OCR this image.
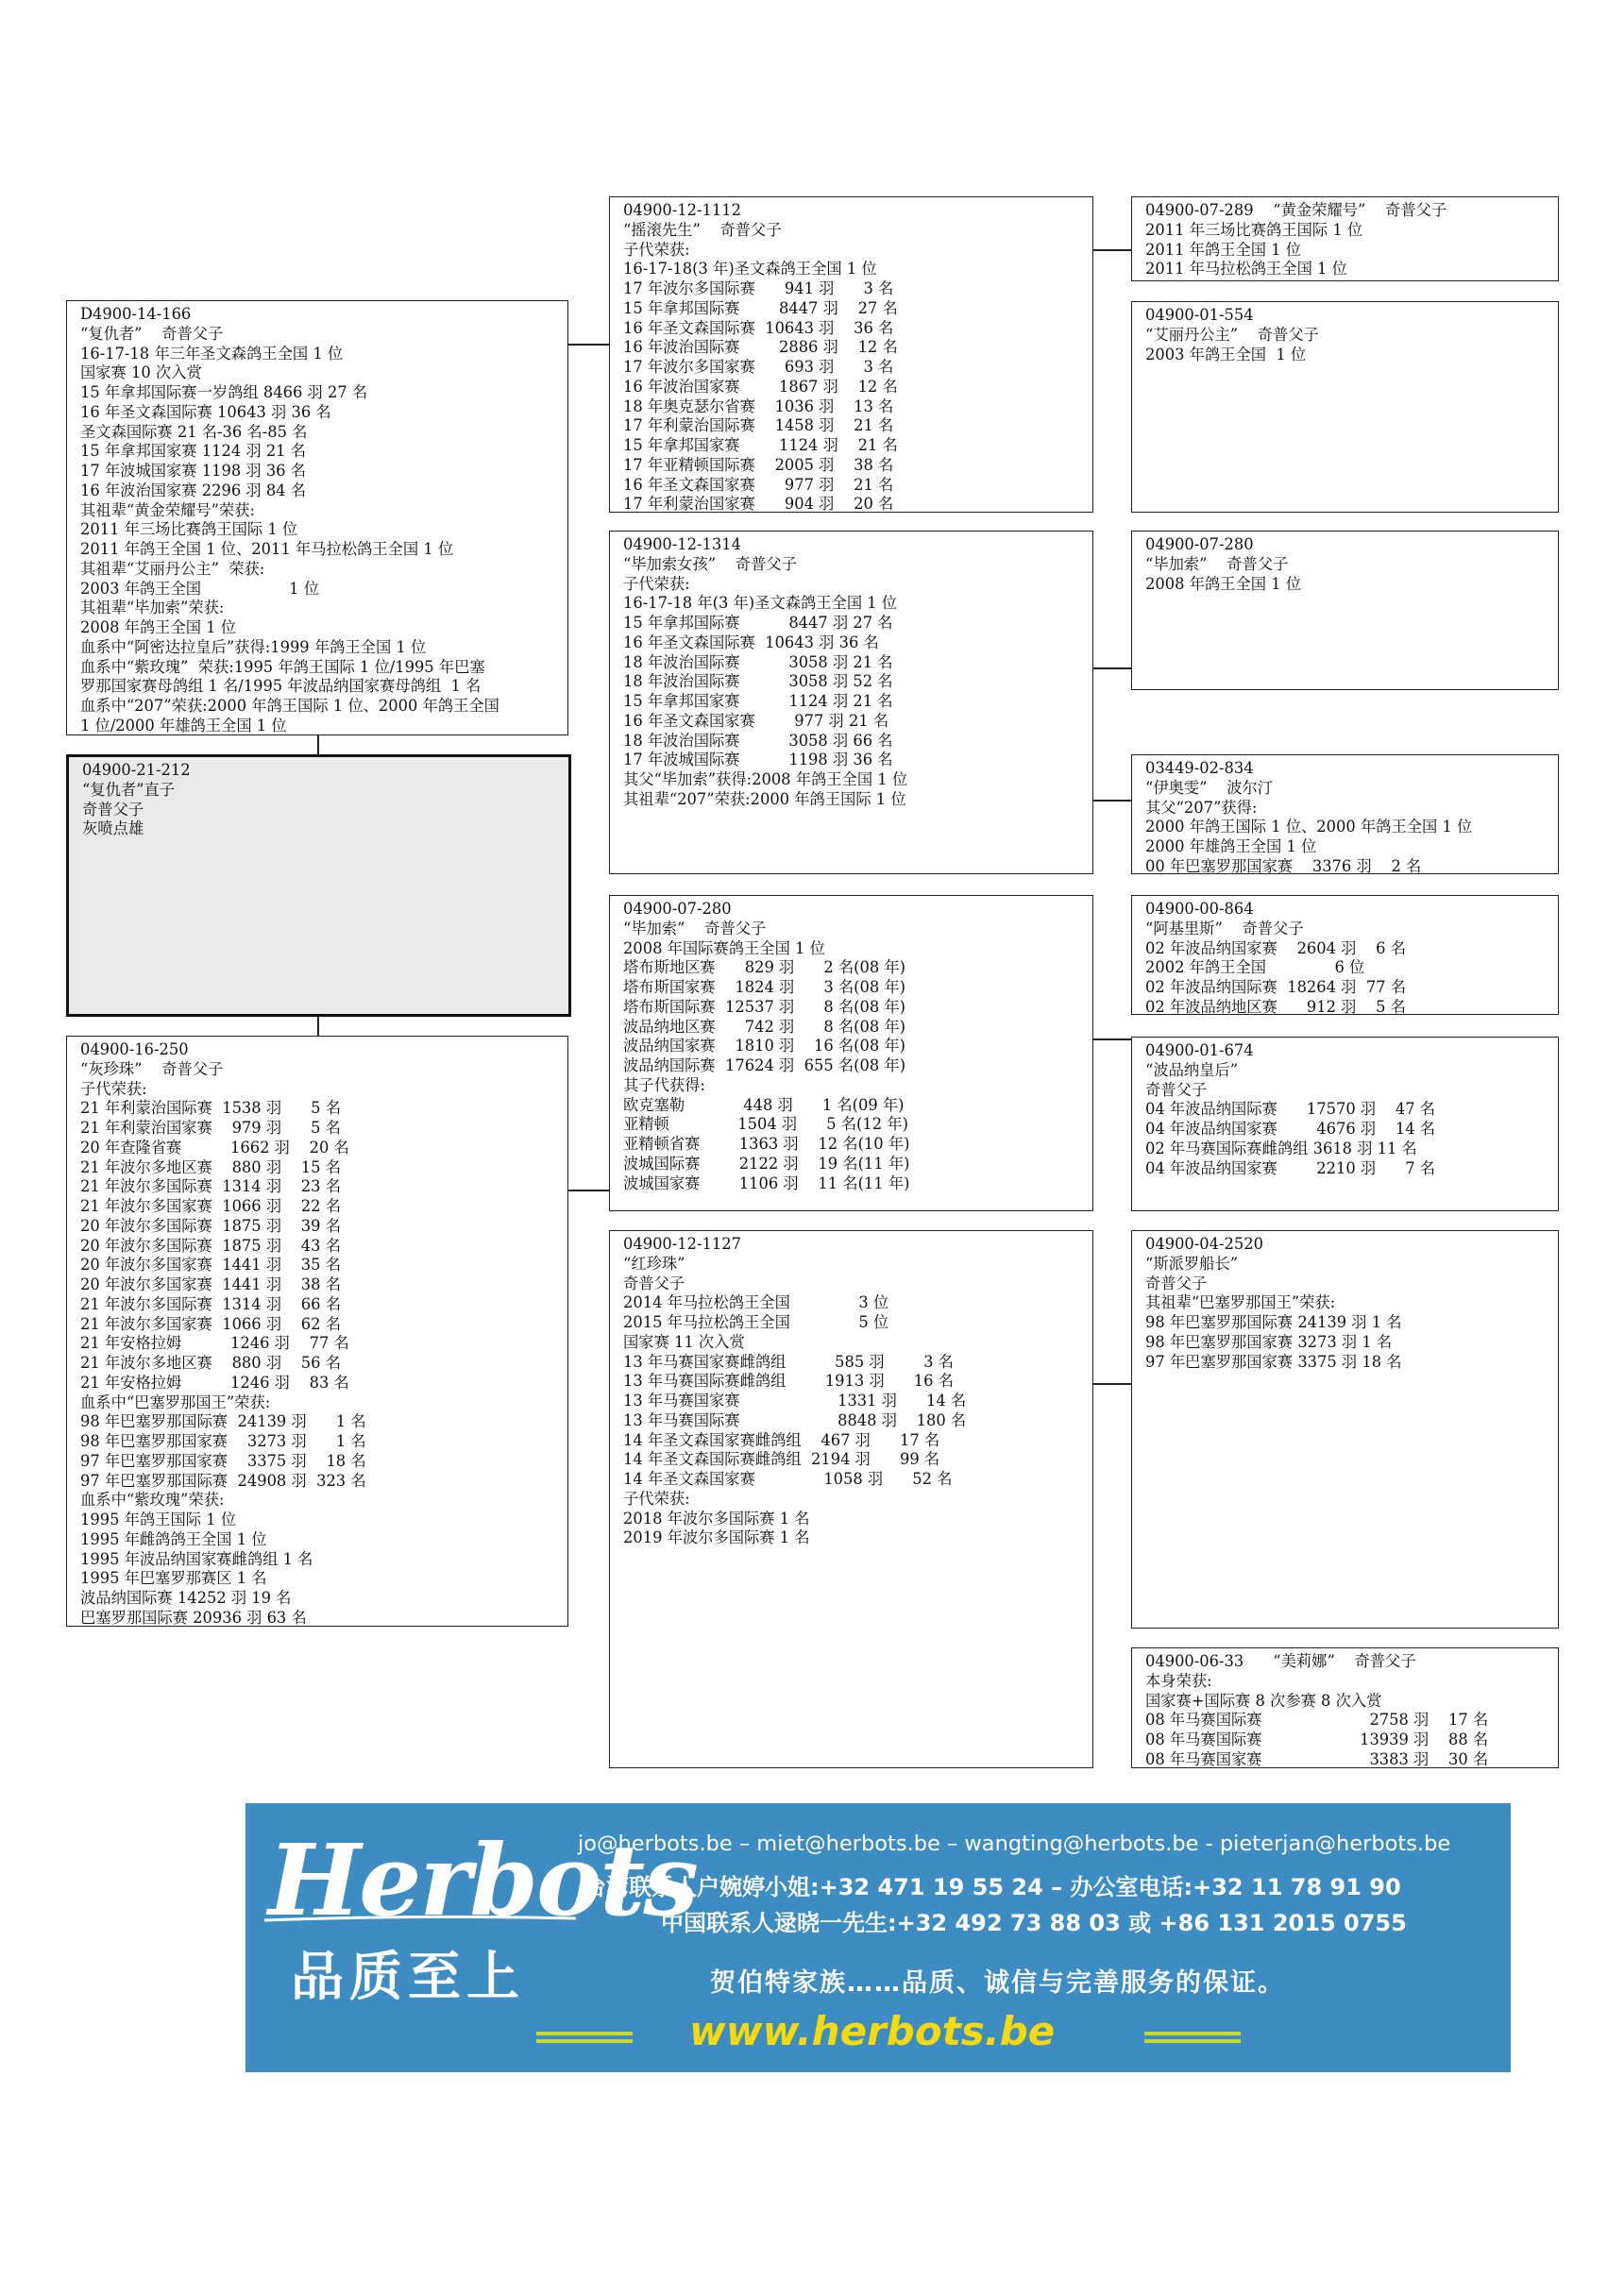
D4900-14-166
“复仇者”    奇普父子
16-17-18 年三年圣文森鸽王全国 1 位
国家赛 10 次入赏
15 年拿邦国际赛一岁鸽组 8466 羽 27 名
16 年圣文森国际赛 10643 羽 36 名
圣文森国际赛 21 名-36 名-85 名
15 年拿邦国家赛 1124 羽 21 名
17 年波城国家赛 1198 羽 36 名
16 年波治国家赛 2296 羽 84 名
其祖辈“黄金荣耀号”荣获:
2011 年三场比赛鸽王国际 1 位
2011 年鸽王全国 1 位、2011 年马拉松鸽王全国 1 位
其祖辈“艾丽丹公主”  荣获:
2003 年鸽王全国                  1 位
其祖辈“毕加索”荣获:
2008 年鸽王全国 1 位
血系中“阿密达拉皇后”获得:1999 年鸽王全国 1 位
血系中“紫玫瑰”  荣获:1995 年鸽王国际 1 位/1995 年巴塞
罗那国家赛母鸽组 1 名/1995 年波品纳国家赛母鸽组  1 名
血系中“207”荣获:2000 年鸽王国际 1 位、2000 年鸽王全国
1 位/2000 年雄鸽王全国 1 位
04900-21-212
“复仇者”直子
奇普父子
灰喷点雄
04900-16-250
“灰珍珠”    奇普父子
子代荣获:
21 年利蒙治国际赛  1538 羽      5 名
21 年利蒙治国家赛    979 羽      5 名
20 年查隆省赛          1662 羽    20 名
21 年波尔多地区赛    880 羽    15 名
21 年波尔多国际赛  1314 羽    23 名
21 年波尔多国家赛  1066 羽    22 名
20 年波尔多国际赛  1875 羽    39 名
20 年波尔多国际赛  1875 羽    43 名
20 年波尔多国家赛  1441 羽    35 名
20 年波尔多国家赛  1441 羽    38 名
21 年波尔多国际赛  1314 羽    66 名
21 年波尔多国家赛  1066 羽    62 名
21 年安格拉姆          1246 羽    77 名
21 年波尔多地区赛    880 羽    56 名
21 年安格拉姆          1246 羽    83 名
血系中“巴塞罗那国王”荣获:
98 年巴塞罗那国际赛  24139 羽      1 名
98 年巴塞罗那国家赛    3273 羽      1 名
97 年巴塞罗那国家赛    3375 羽    18 名
97 年巴塞罗那国际赛  24908 羽  323 名
血系中“紫玫瑰”荣获:
1995 年鸽王国际 1 位
1995 年雌鸽鸽王全国 1 位
1995 年波品纳国家赛雌鸽组 1 名
1995 年巴塞罗那赛区 1 名
波品纳国际赛 14252 羽 19 名
巴塞罗那国际赛 20936 羽 63 名
04900-12-1112
“摇滚先生”    奇普父子
子代荣获:
16-17-18(3 年)圣文森鸽王全国 1 位
17 年波尔多国际赛      941 羽      3 名
15 年拿邦国际赛        8447 羽    27 名
16 年圣文森国际赛  10643 羽    36 名
16 年波治国际赛        2886 羽    12 名
17 年波尔多国家赛      693 羽      3 名
16 年波治国家赛        1867 羽    12 名
18 年奥克瑟尔省赛    1036 羽    13 名
17 年利蒙治国际赛    1458 羽    21 名
15 年拿邦国家赛        1124 羽    21 名
17 年亚精顿国际赛    2005 羽    38 名
16 年圣文森国家赛      977 羽    21 名
17 年利蒙治国家赛      904 羽    20 名
04900-12-1314
“毕加索女孩”    奇普父子
子代荣获:
16-17-18 年(3 年)圣文森鸽王全国 1 位
15 年拿邦国际赛          8447 羽 27 名
16 年圣文森国际赛  10643 羽 36 名
18 年波治国际赛          3058 羽 21 名
18 年波治国际赛          3058 羽 52 名
15 年拿邦国家赛          1124 羽 21 名
16 年圣文森国家赛        977 羽 21 名
18 年波治国际赛          3058 羽 66 名
17 年波城国际赛          1198 羽 36 名
其父“毕加索”获得:2008 年鸽王全国 1 位
其祖辈“207”荣获:2000 年鸽王国际 1 位
04900-07-280
“毕加索”    奇普父子
2008 年国际赛鸽王全国 1 位
塔布斯地区赛      829 羽      2 名(08 年)
塔布斯国家赛    1824 羽      3 名(08 年)
塔布斯国际赛  12537 羽      8 名(08 年)
波品纳地区赛      742 羽      8 名(08 年)
波品纳国家赛    1810 羽    16 名(08 年)
波品纳国际赛  17624 羽  655 名(08 年)
其子代获得:
欧克塞勒            448 羽      1 名(09 年)
亚精顿              1504 羽      5 名(12 年)
亚精顿省赛        1363 羽    12 名(10 年)
波城国际赛        2122 羽    19 名(11 年)
波城国家赛        1106 羽    11 名(11 年)
04900-12-1127
“红珍珠”
奇普父子
2014 年马拉松鸽王全国              3 位
2015 年马拉松鸽王全国              5 位
国家赛 11 次入赏
13 年马赛国家赛雌鸽组          585 羽        3 名
13 年马赛国际赛雌鸽组        1913 羽      16 名
13 年马赛国家赛                    1331 羽      14 名
13 年马赛国际赛                    8848 羽    180 名
14 年圣文森国家赛雌鸽组    467 羽      17 名
14 年圣文森国际赛雌鸽组  2194 羽      99 名
14 年圣文森国家赛              1058 羽      52 名
子代荣获:
2018 年波尔多国际赛 1 名
2019 年波尔多国际赛 1 名
04900-07-289    “黄金荣耀号”    奇普父子
2011 年三场比赛鸽王国际 1 位
2011 年鸽王全国 1 位
2011 年马拉松鸽王全国 1 位
04900-01-554
“艾丽丹公主”    奇普父子
2003 年鸽王全国  1 位
04900-07-280
“毕加索”    奇普父子
2008 年鸽王全国 1 位
03449-02-834
“伊奥雯”    波尔汀
其父“207”获得:
2000 年鸽王国际 1 位、2000 年鸽王全国 1 位
2000 年雄鸽王全国 1 位
00 年巴塞罗那国家赛    3376 羽    2 名
04900-00-864
“阿基里斯”    奇普父子
02 年波品纳国家赛    2604 羽    6 名
2002 年鸽王全国              6 位
02 年波品纳国际赛  18264 羽  77 名
02 年波品纳地区赛      912 羽    5 名
04900-01-674
“波品纳皇后”
奇普父子
04 年波品纳国际赛      17570 羽    47 名
04 年波品纳国家赛        4676 羽    14 名
02 年马赛国际赛雌鸽组 3618 羽 11 名
04 年波品纳国家赛        2210 羽      7 名
04900-04-2520
“斯派罗船长”
奇普父子
其祖辈“巴塞罗那国王”荣获:
98 年巴塞罗那国际赛 24139 羽 1 名
98 年巴塞罗那国家赛 3273 羽 1 名
97 年巴塞罗那国家赛 3375 羽 18 名
04900-06-33      “美莉娜”    奇普父子
本身荣获:
国家赛+国际赛 8 次参赛 8 次入赏
08 年马赛国际赛                      2758 羽    17 名
08 年马赛国际赛                    13939 羽    88 名
08 年马赛国家赛                      3383 羽    30 名
Herbots
品质至上
jo@herbots.be – miet@herbots.be – wangting@herbots.be - pieterjan@herbots.be
台湾联系人户婉婷小姐:+32 471 19 55 24 – 办公室电话:+32 11 78 91 90
中国联系人逯晓一先生:+32 492 73 88 03 或 +86 131 2015 0755
贺伯特家族……品质、诚信与完善服务的保证。
www.herbots.be
